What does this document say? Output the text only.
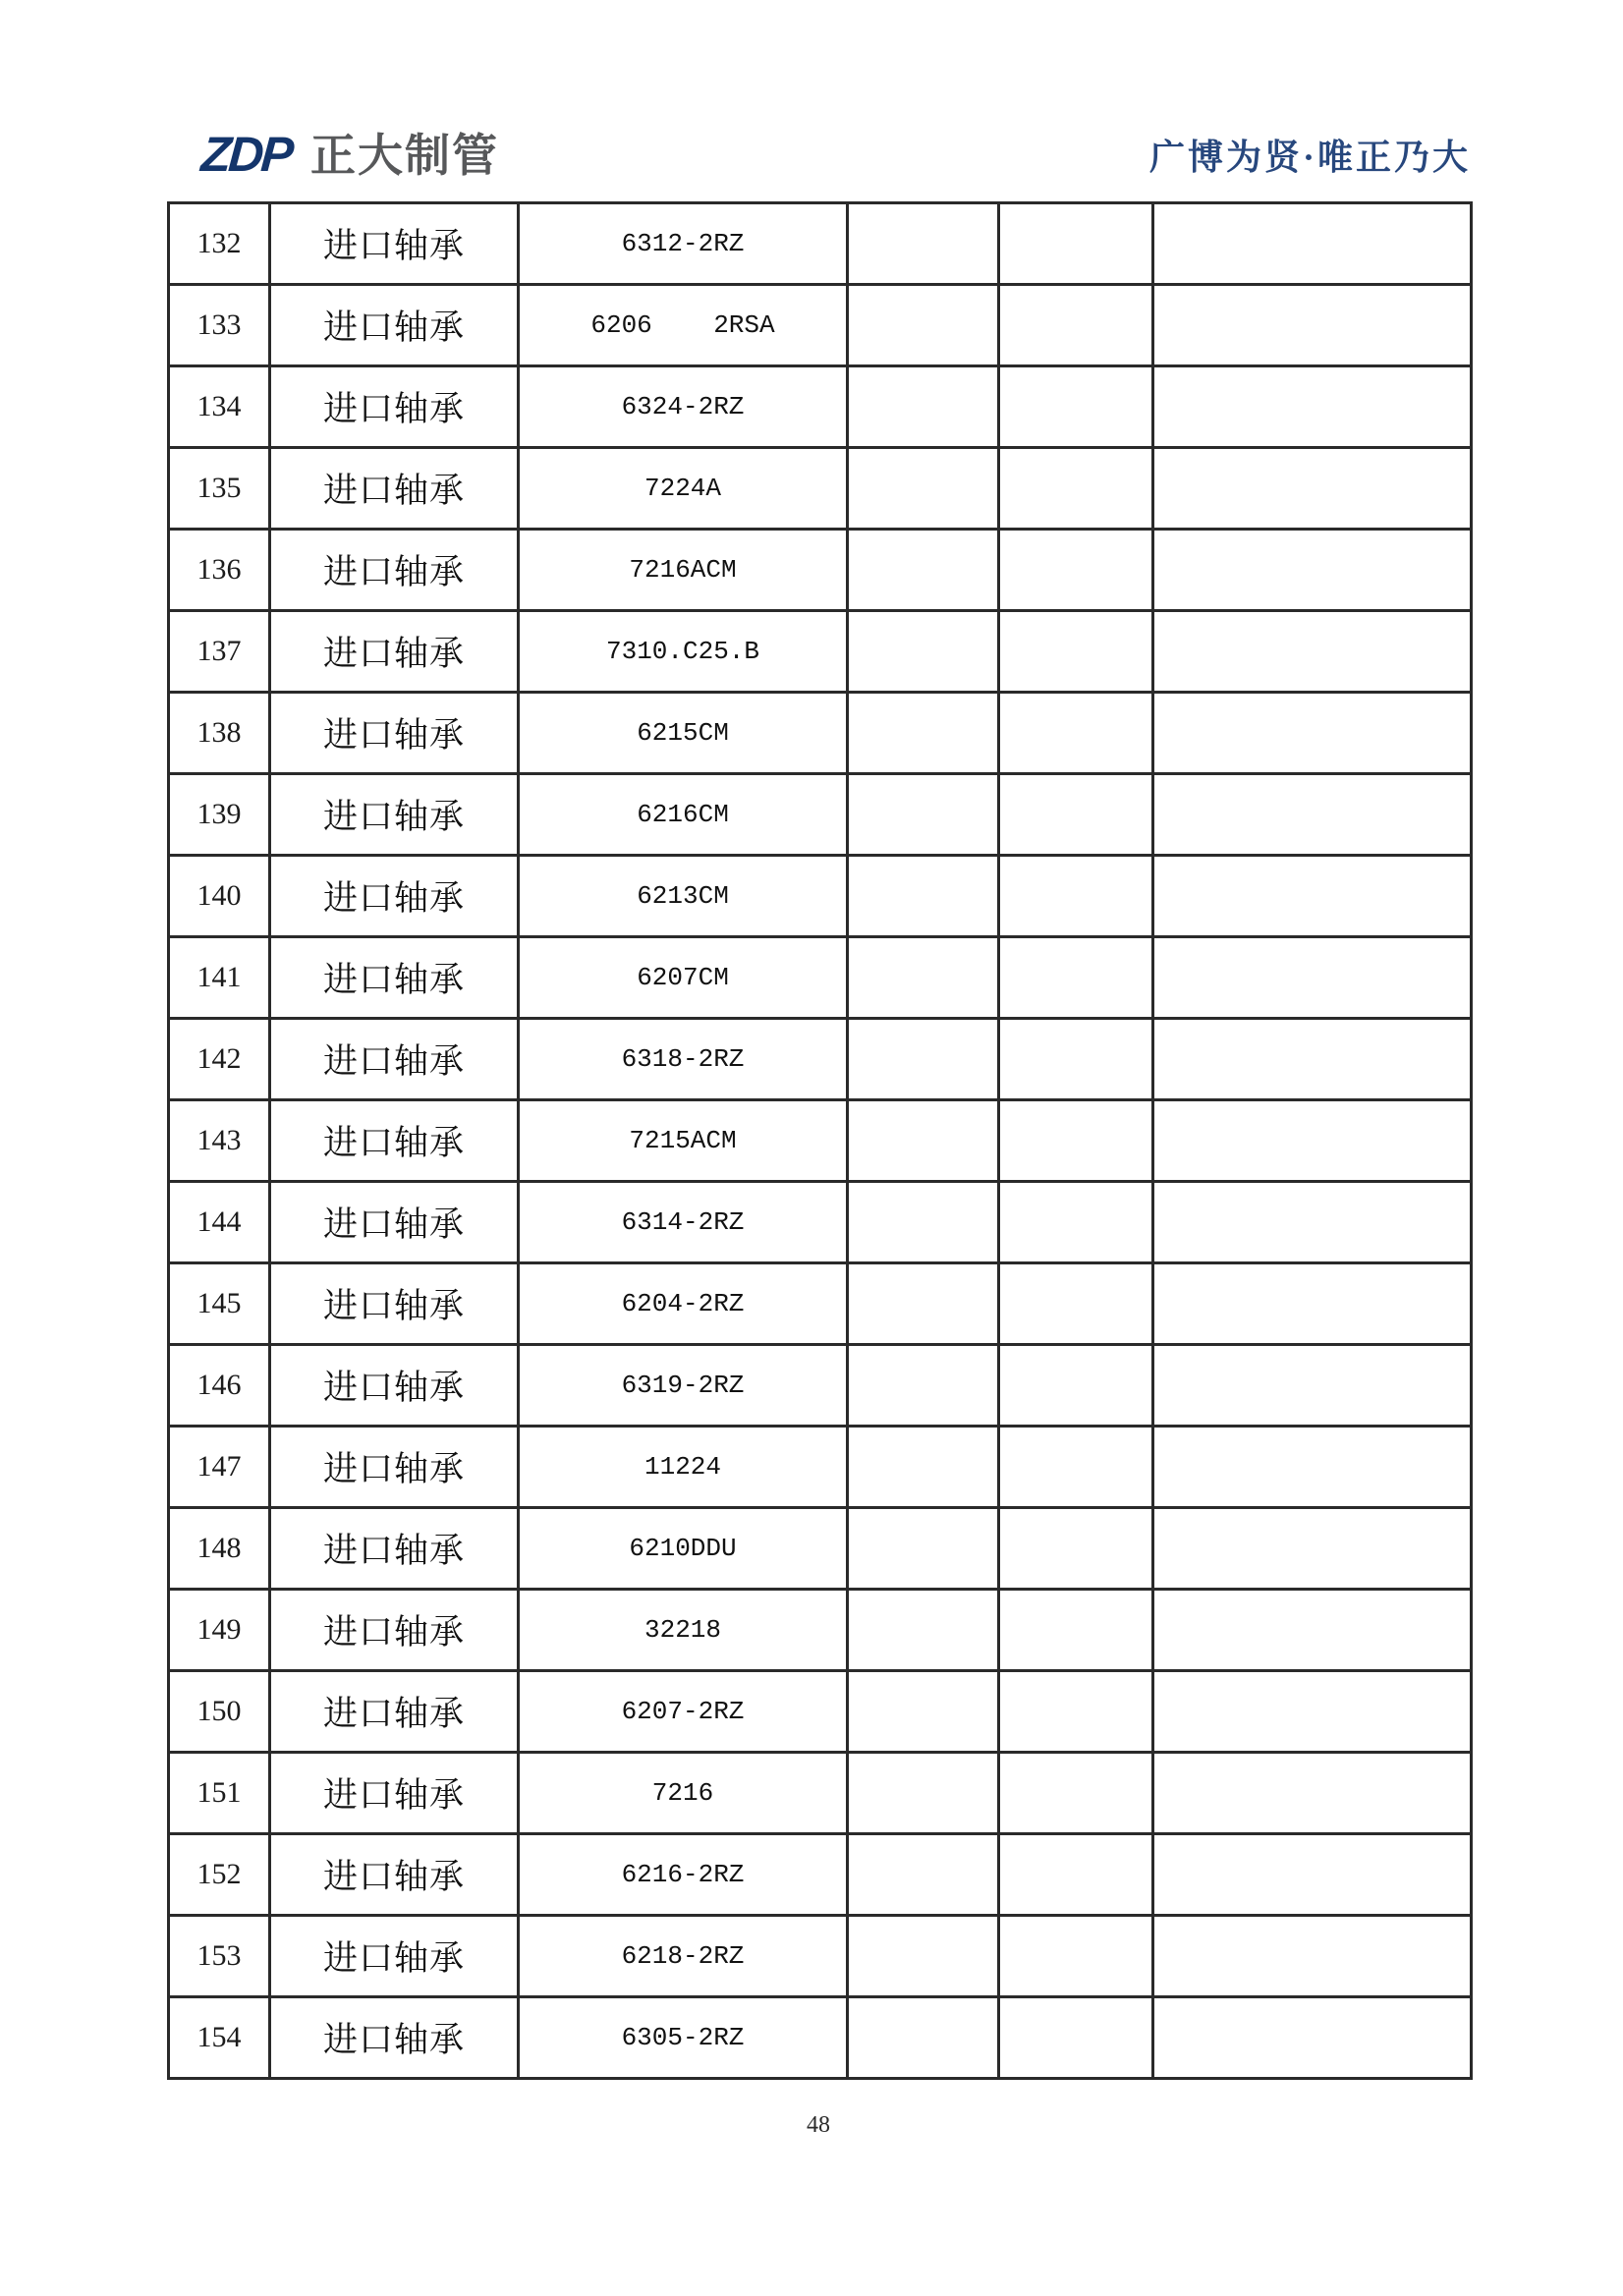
ZDP 正大制管	广博为贤·唯正乃大
132	进口轴承	6312-2RZ			
133	进口轴承	6206    2RSA			
134	进口轴承	6324-2RZ			
135	进口轴承	7224A			
136	进口轴承	7216ACM			
137	进口轴承	7310.C25.B			
138	进口轴承	6215CM			
139	进口轴承	6216CM			
140	进口轴承	6213CM			
141	进口轴承	6207CM			
142	进口轴承	6318-2RZ			
143	进口轴承	7215ACM			
144	进口轴承	6314-2RZ			
145	进口轴承	6204-2RZ			
146	进口轴承	6319-2RZ			
147	进口轴承	11224			
148	进口轴承	6210DDU			
149	进口轴承	32218			
150	进口轴承	6207-2RZ			
151	进口轴承	7216			
152	进口轴承	6216-2RZ			
153	进口轴承	6218-2RZ			
154	进口轴承	6305-2RZ			
48
